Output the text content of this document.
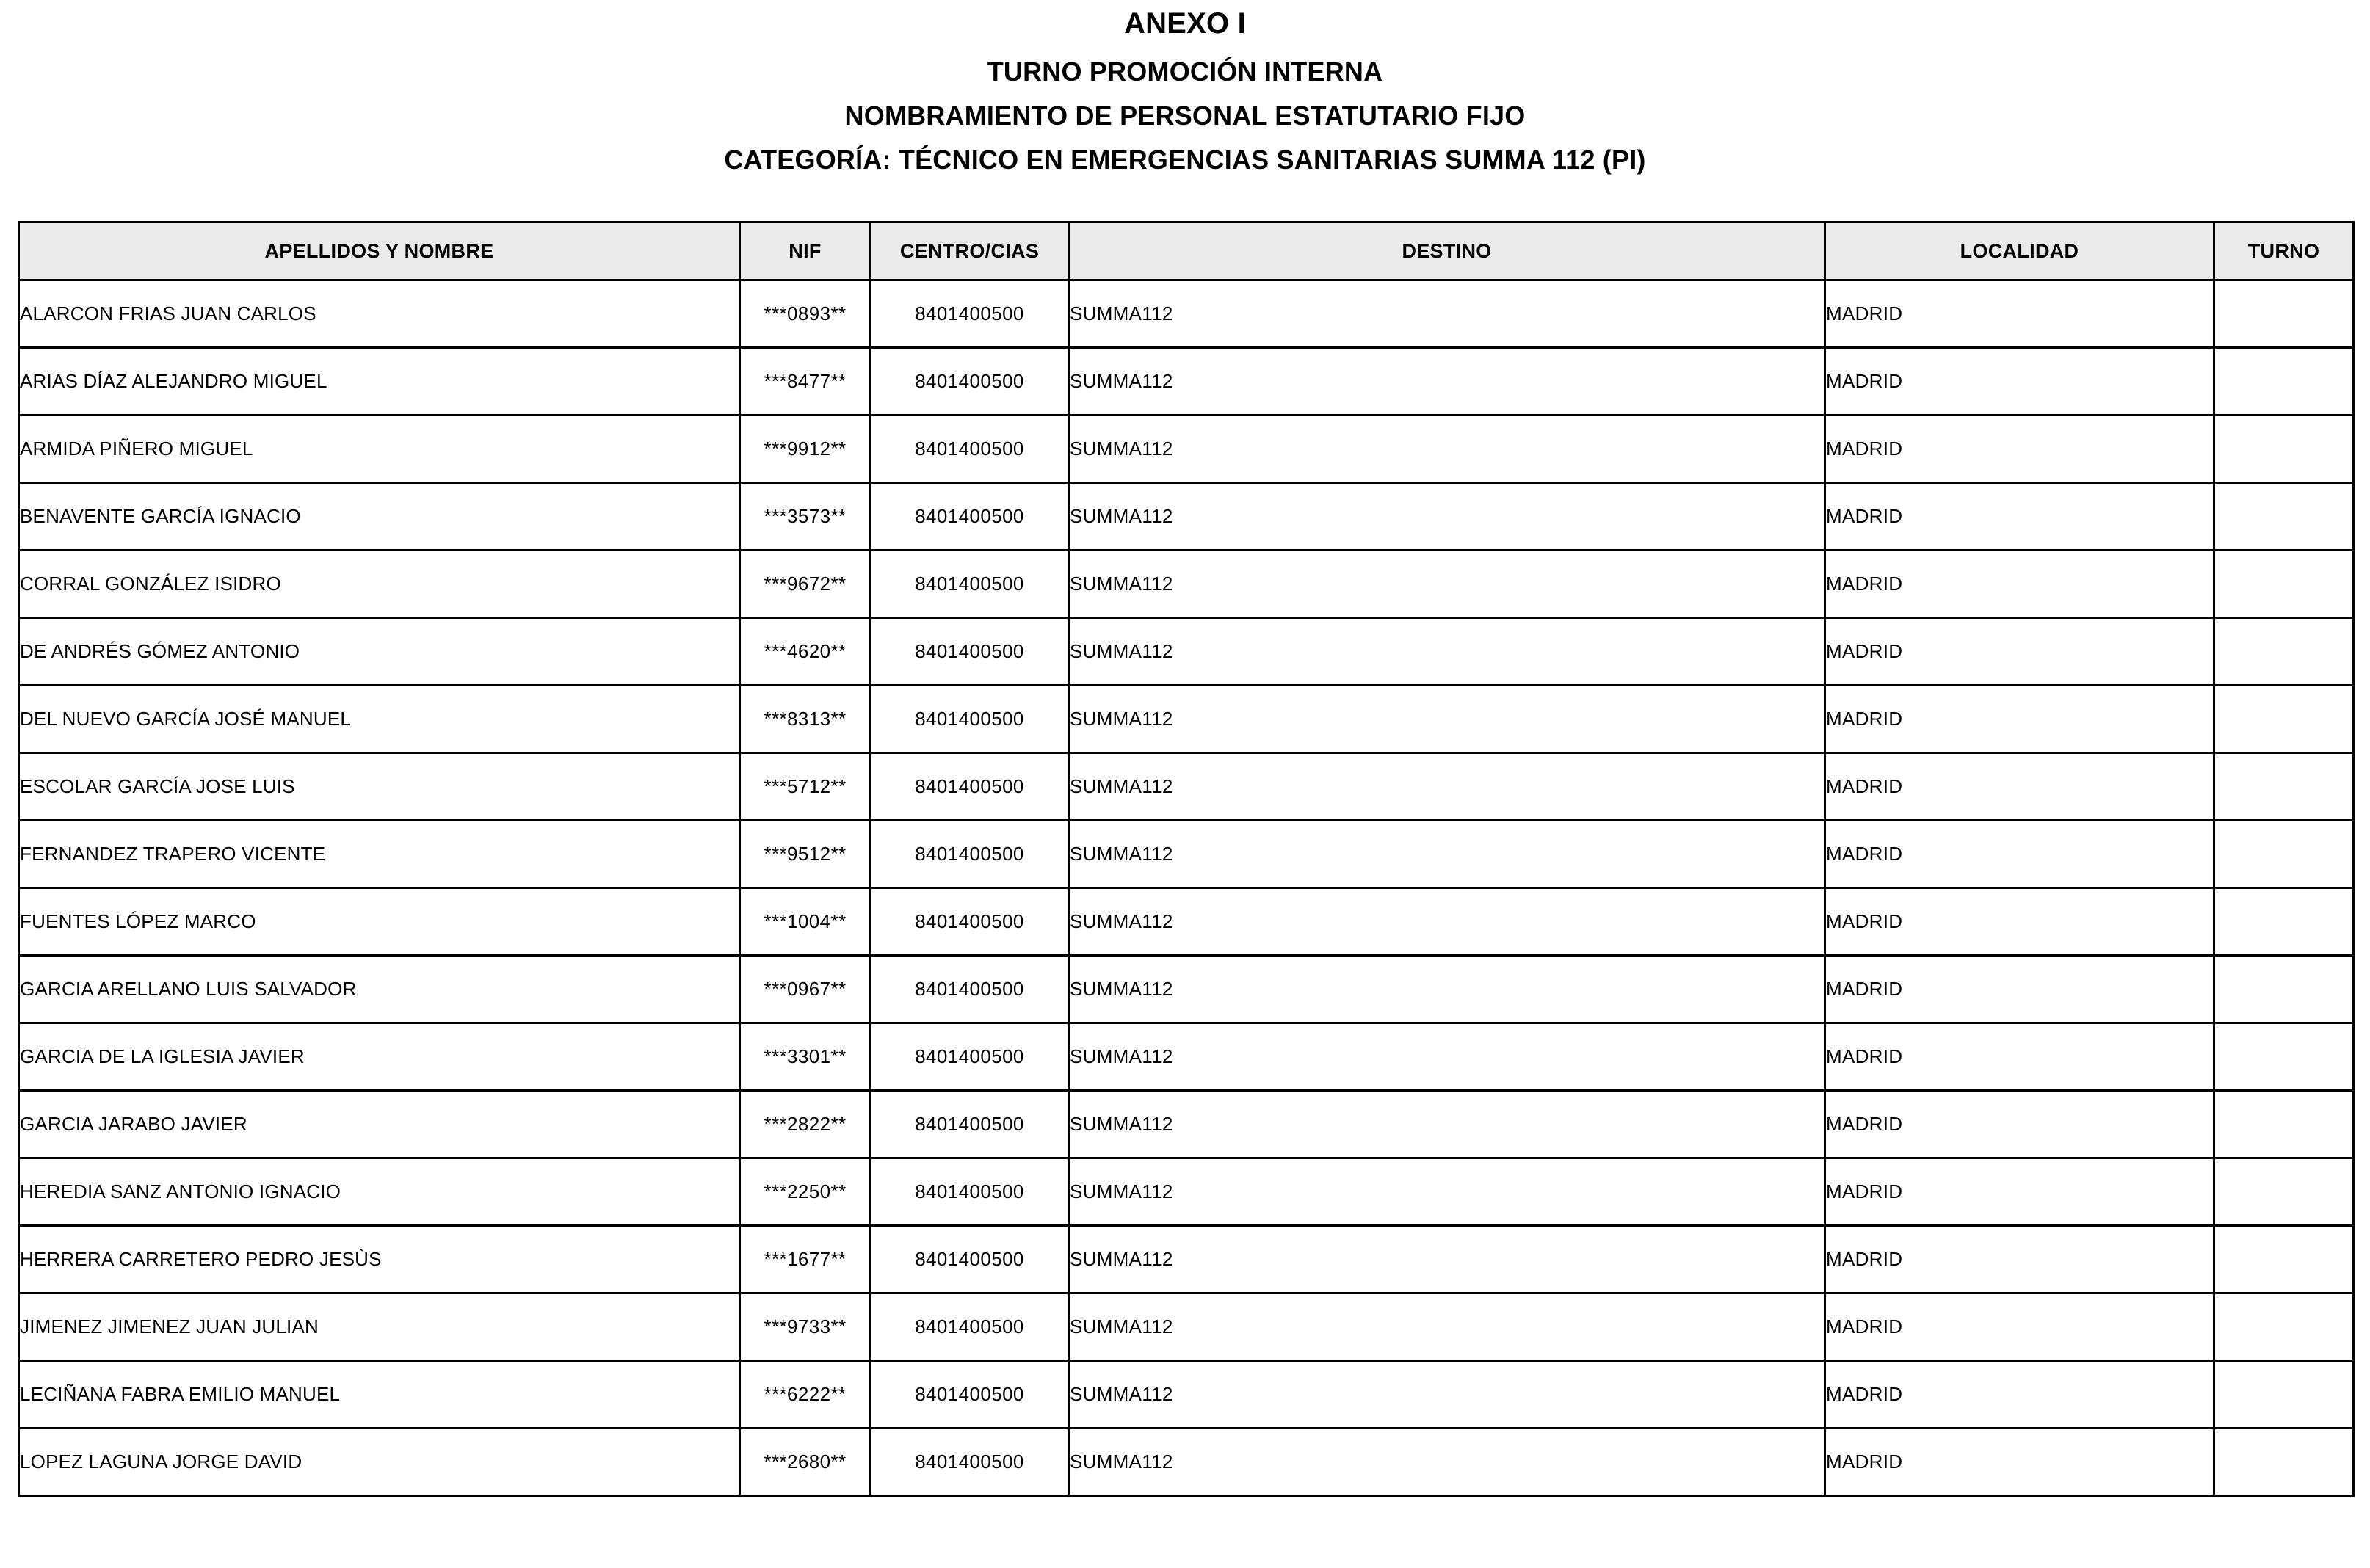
ANEXO I
TURNO PROMOCIÓN INTERNA
NOMBRAMIENTO DE PERSONAL ESTATUTARIO FIJO
CATEGORÍA: TÉCNICO EN EMERGENCIAS SANITARIAS SUMMA 112 (PI)
APELLIDOS Y NOMBRE	NIF	CENTRO/CIAS	DESTINO	LOCALIDAD	TURNO
ALARCON FRIAS JUAN CARLOS	***0893**	8401400500	SUMMA112	MADRID	
ARIAS DÍAZ ALEJANDRO MIGUEL	***8477**	8401400500	SUMMA112	MADRID	
ARMIDA PIÑERO MIGUEL	***9912**	8401400500	SUMMA112	MADRID	
BENAVENTE GARCÍA IGNACIO	***3573**	8401400500	SUMMA112	MADRID	
CORRAL GONZÁLEZ ISIDRO	***9672**	8401400500	SUMMA112	MADRID	
DE ANDRÉS GÓMEZ ANTONIO	***4620**	8401400500	SUMMA112	MADRID	
DEL NUEVO GARCÍA JOSÉ MANUEL	***8313**	8401400500	SUMMA112	MADRID	
ESCOLAR GARCÍA JOSE LUIS	***5712**	8401400500	SUMMA112	MADRID	
FERNANDEZ TRAPERO VICENTE	***9512**	8401400500	SUMMA112	MADRID	
FUENTES LÓPEZ MARCO	***1004**	8401400500	SUMMA112	MADRID	
GARCIA ARELLANO LUIS SALVADOR	***0967**	8401400500	SUMMA112	MADRID	
GARCIA DE LA IGLESIA JAVIER	***3301**	8401400500	SUMMA112	MADRID	
GARCIA JARABO JAVIER	***2822**	8401400500	SUMMA112	MADRID	
HEREDIA SANZ ANTONIO IGNACIO	***2250**	8401400500	SUMMA112	MADRID	
HERRERA CARRETERO PEDRO JESÙS	***1677**	8401400500	SUMMA112	MADRID	
JIMENEZ JIMENEZ JUAN JULIAN	***9733**	8401400500	SUMMA112	MADRID	
LECIÑANA FABRA EMILIO MANUEL	***6222**	8401400500	SUMMA112	MADRID	
LOPEZ LAGUNA JORGE DAVID	***2680**	8401400500	SUMMA112	MADRID	
